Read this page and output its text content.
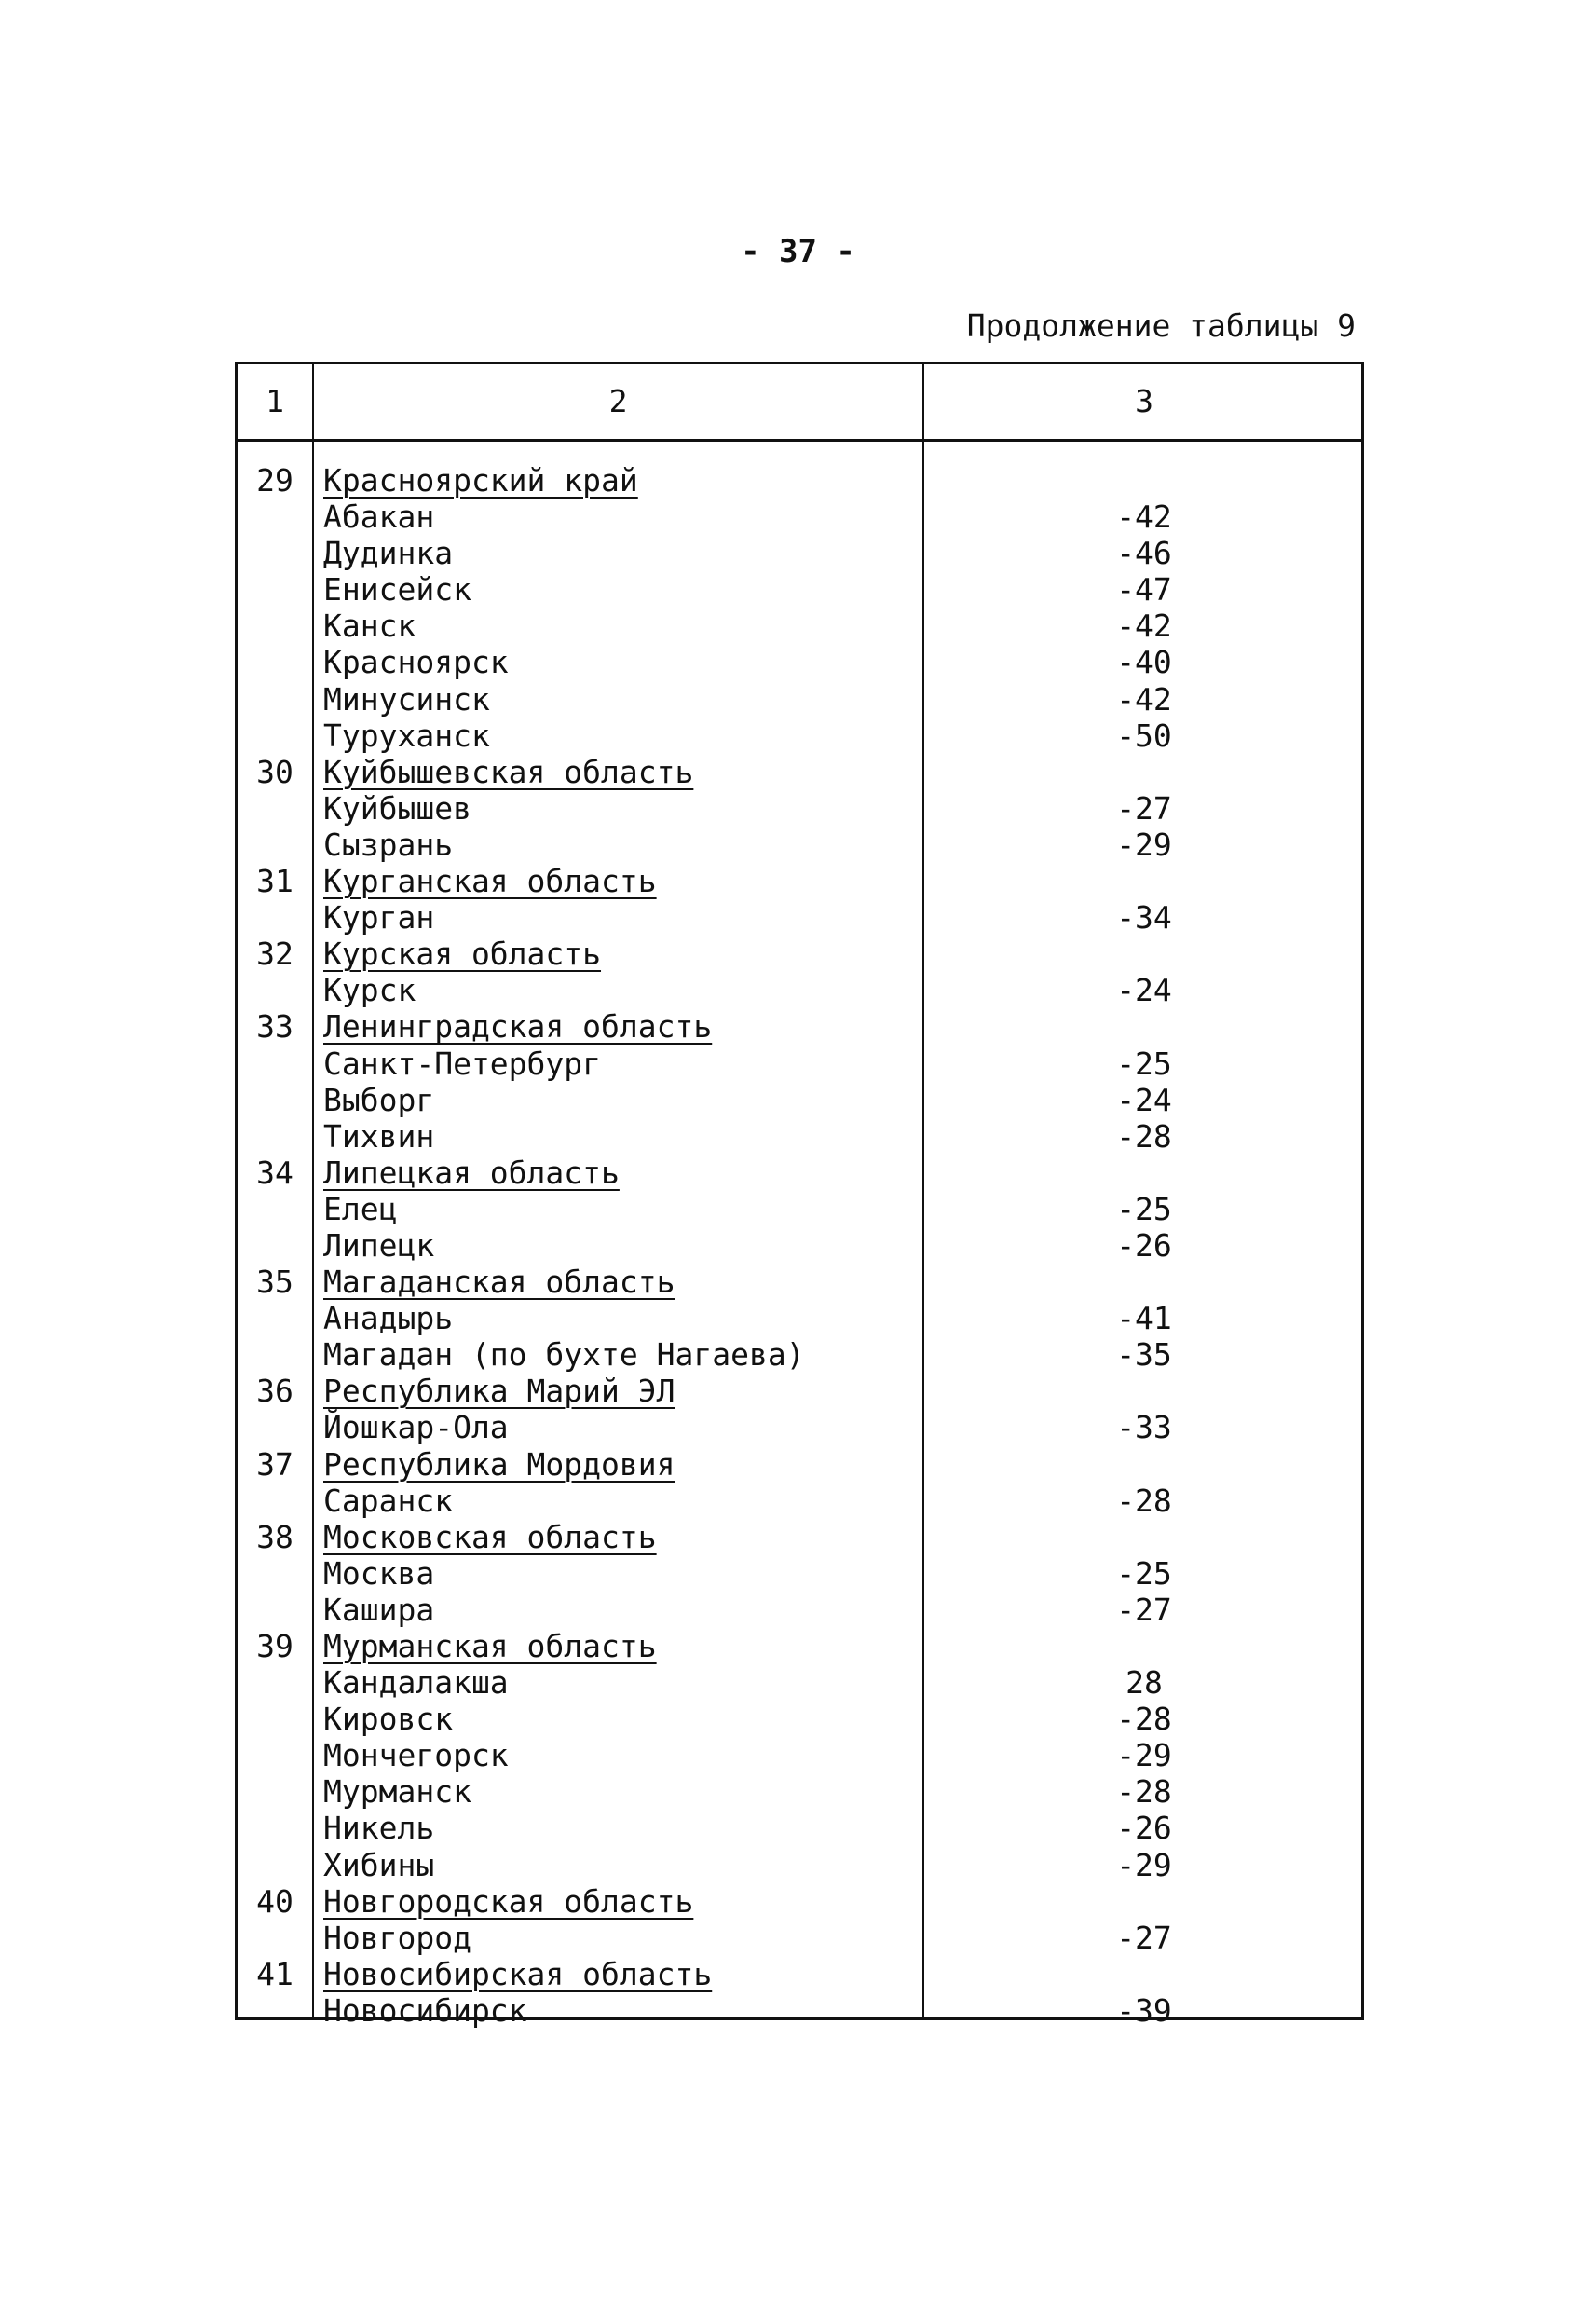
- 37 -
Продолжение таблицы 9
1	2	3
29 Красноярский край
Абакан	-42
Дудинка	-46
Енисейск	-47
Канск	-42
Красноярск	-40
Минусинск	-42
Туруханск	-50
30 Куйбышевская область
Куйбышев	-27
Сызрань	-29
31 Курганская область
Курган	-34
32 Курская область
Курск	-24
33 Ленинградская область
Санкт-Петербург	-25
Выборг	-24
Тихвин	-28
34 Липецкая область
Елец	-25
Липецк	-26
35 Магаданская область
Анадырь	-41
Магадан (по бухте Нагаева)	-35
36 Республика Марий ЭЛ
Йошкар-Ола	-33
37 Республика Мордовия
Саранск	-28
38 Московская область
Москва	-25
Кашира	-27
39 Мурманская область
Кандалакша	28
Кировск	-28
Мончегорск	-29
Мурманск	-28
Никель	-26
Хибины	-29
40 Новгородская область
Новгород	-27
41 Новосибирская область
Новосибирск	-39
